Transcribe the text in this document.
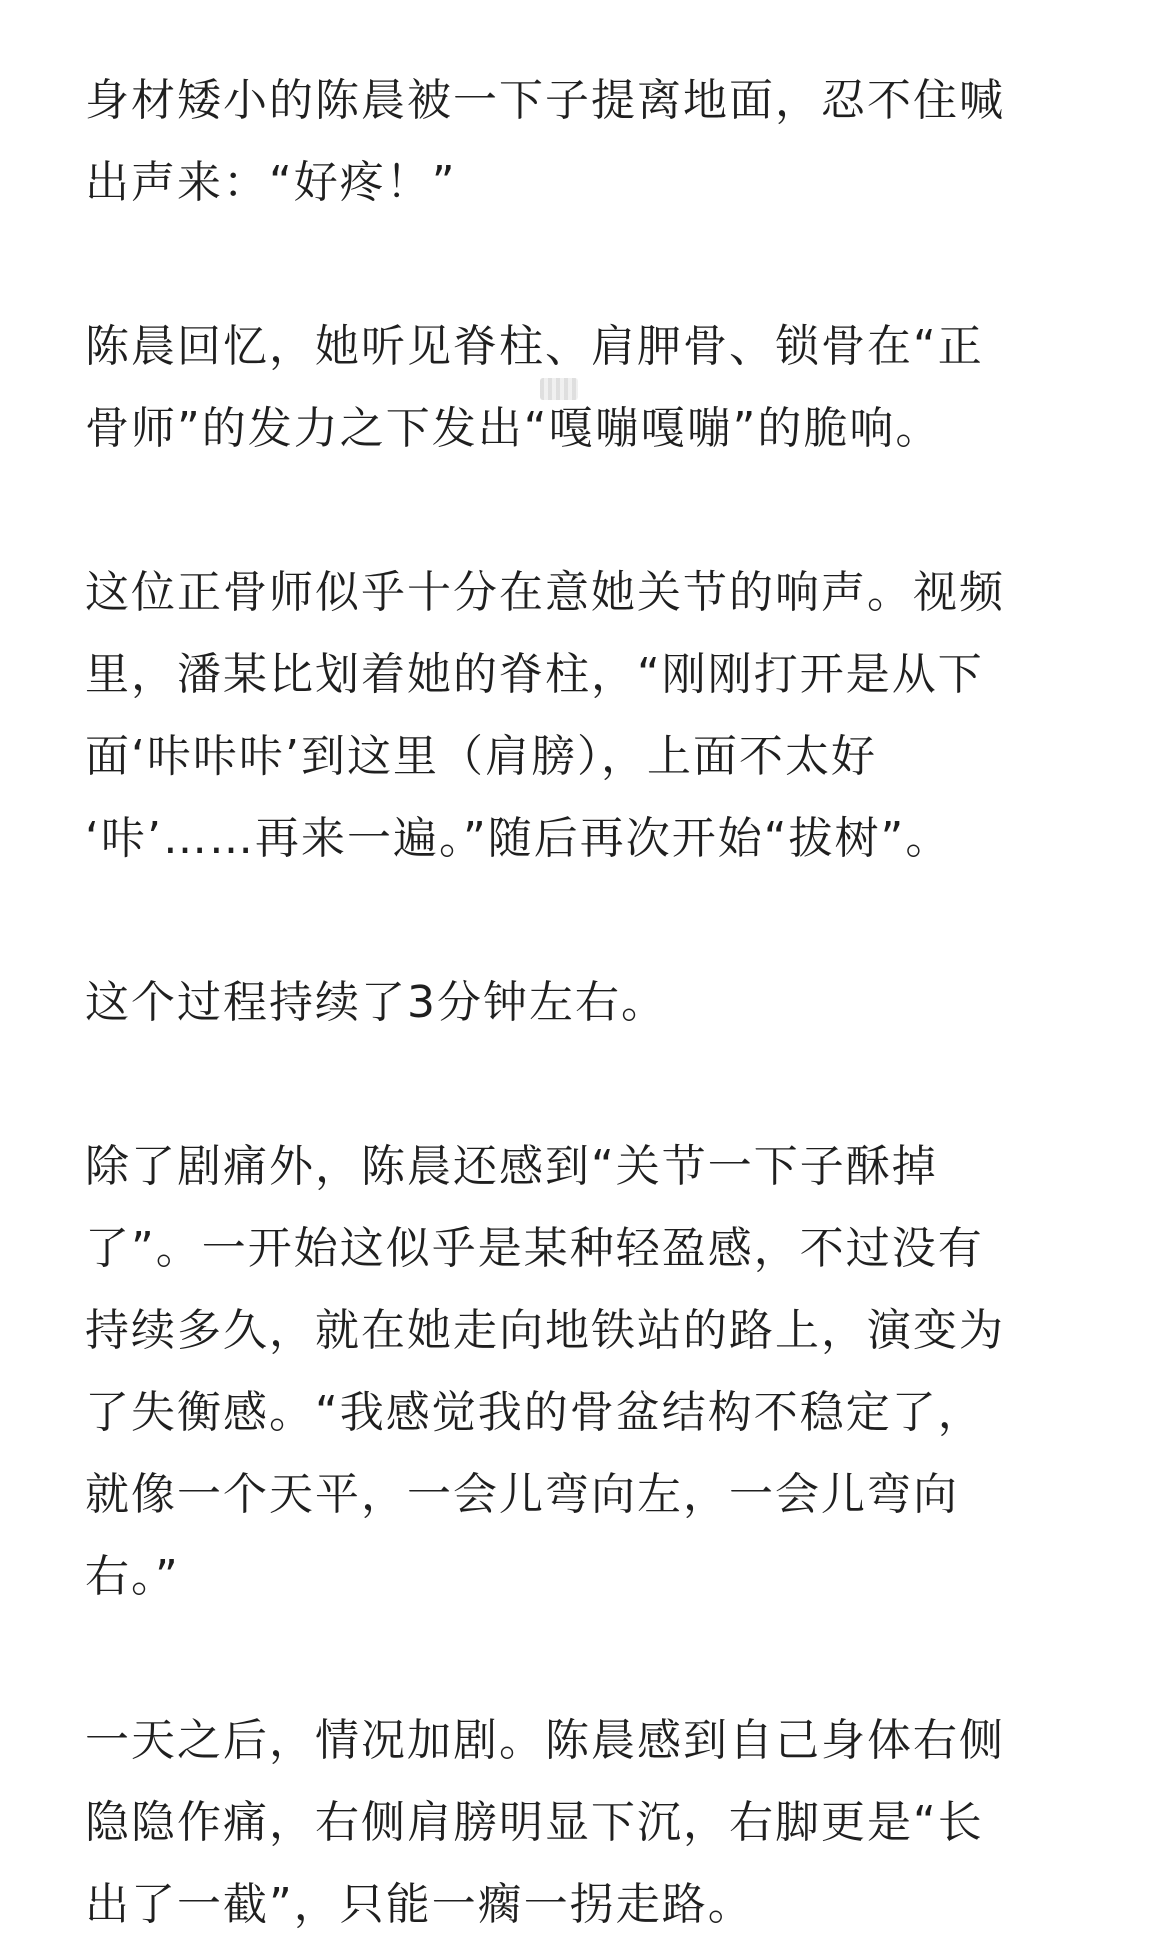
身材矮小的陈晨被一下子提离地面，忍不住喊
出声来：“好疼！”

陈晨回忆，她听见脊柱、肩胛骨、锁骨在“正
骨师”的发力之下发出“嘎嘣嘎嘣”的脆响。

这位正骨师似乎十分在意她关节的响声。视频
里，潘某比划着她的脊柱，“刚刚打开是从下
面‘咔咔咔’到这里（肩膀），上面不太好
‘咔’……再来一遍。”随后再次开始“拔树”。

这个过程持续了3分钟左右。

除了剧痛外，陈晨还感到“关节一下子酥掉
了”。一开始这似乎是某种轻盈感，不过没有
持续多久，就在她走向地铁站的路上，演变为
了失衡感。“我感觉我的骨盆结构不稳定了，
就像一个天平，一会儿弯向左，一会儿弯向
右。”

一天之后，情况加剧。陈晨感到自己身体右侧
隐隐作痛，右侧肩膀明显下沉，右脚更是“长
出了一截”，只能一瘸一拐走路。
